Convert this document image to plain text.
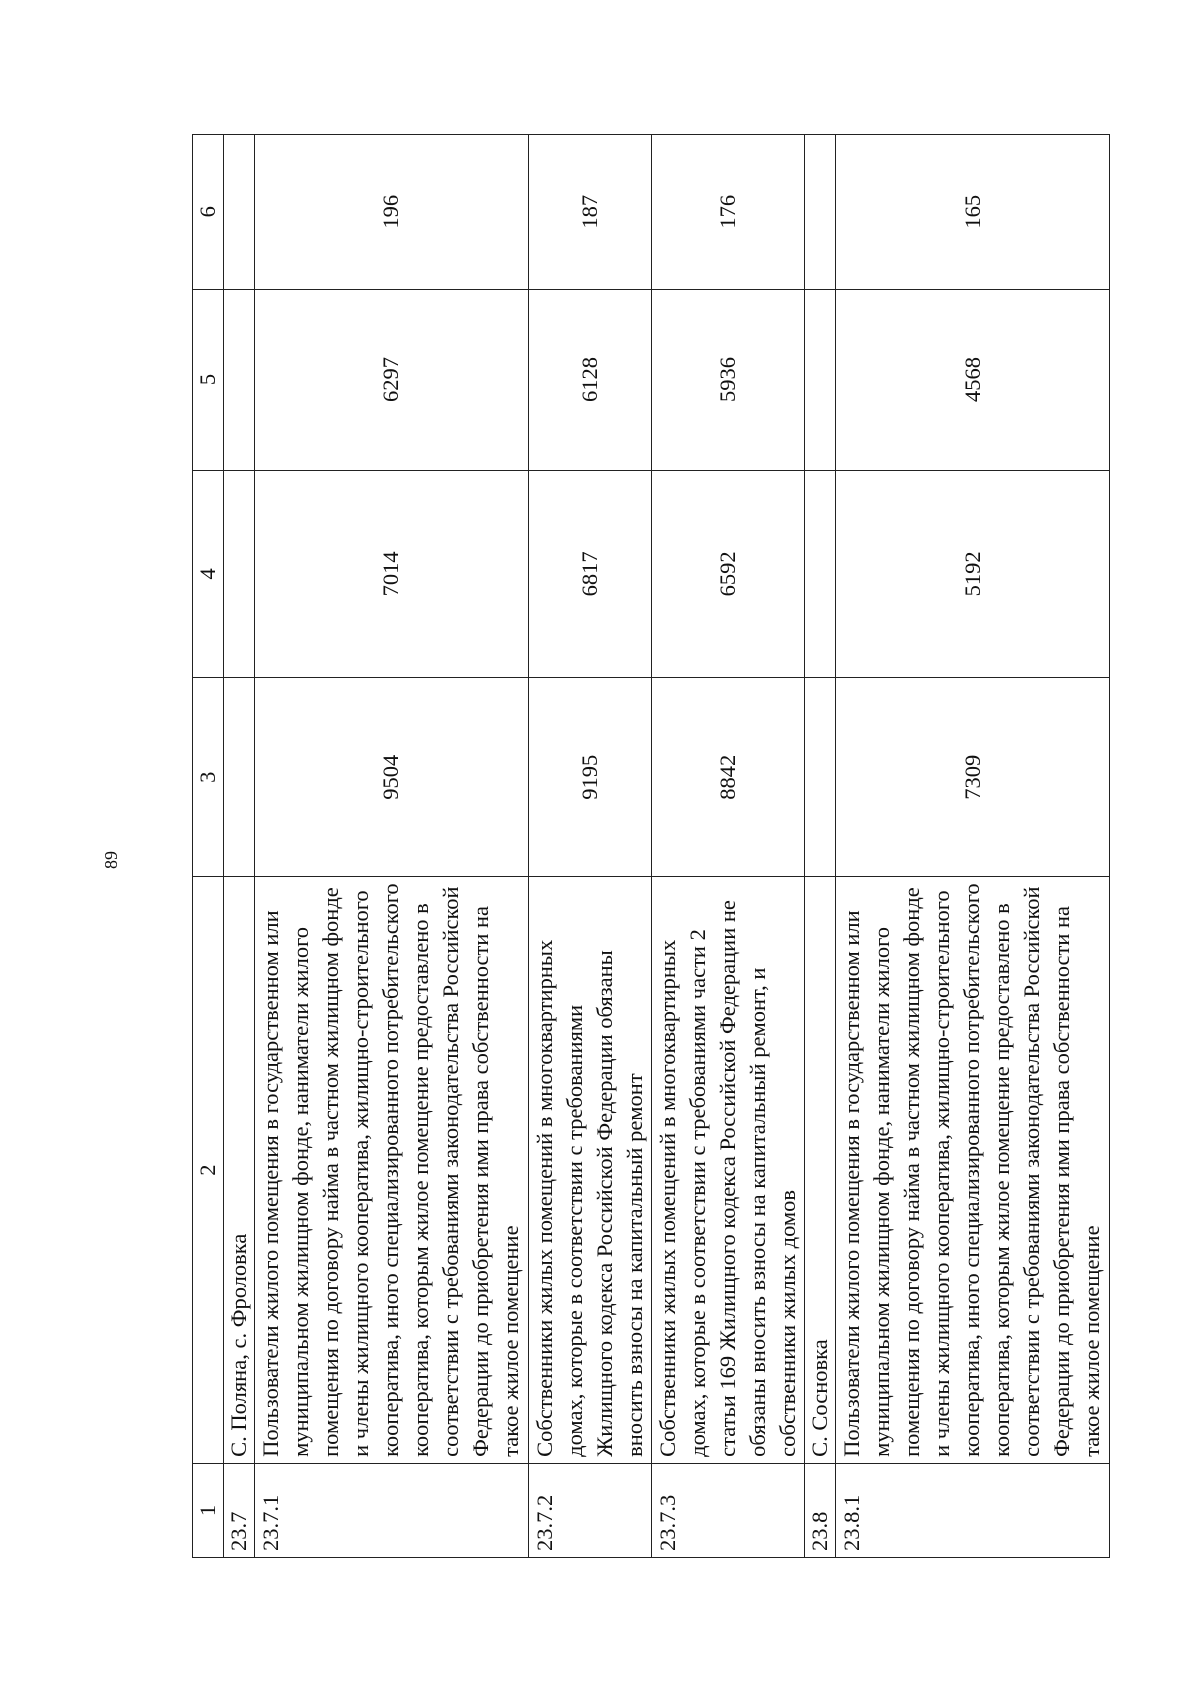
89
1	2	3	4	5	6
23.7	С. Поляна, с. Фроловка				
23.7.1	Пользователи жилого помещения в государственном или муниципальном жилищном фонде, наниматели жилого помещения по договору найма в частном жилищном фонде и члены жилищного кооператива, жилищно-строительного кооператива, иного специализированного потребительского кооператива, которым жилое помещение предоставлено в соответствии с требованиями законодательства Российской Федерации до приобретения ими права собственности на такое жилое помещение	9504	7014	6297	196
23.7.2	Собственники жилых помещений в многоквартирных домах, которые в соответствии с требованиями Жилищного кодекса Российской Федерации обязаны вносить взносы на капитальный ремонт	9195	6817	6128	187
23.7.3	Собственники жилых помещений в многоквартирных домах, которые в соответствии с требованиями части 2 статьи 169 Жилищного кодекса Российской Федерации не обязаны вносить взносы на капитальный ремонт, и собственники жилых домов	8842	6592	5936	176
23.8	С. Сосновка				
23.8.1	Пользователи жилого помещения в государственном или муниципальном жилищном фонде, наниматели жилого помещения по договору найма в частном жилищном фонде и члены жилищного кооператива, жилищно-строительного кооператива, иного специализированного потребительского кооператива, которым жилое помещение предоставлено в соответствии с требованиями законодательства Российской Федерации до приобретения ими права собственности на такое жилое помещение	7309	5192	4568	165
